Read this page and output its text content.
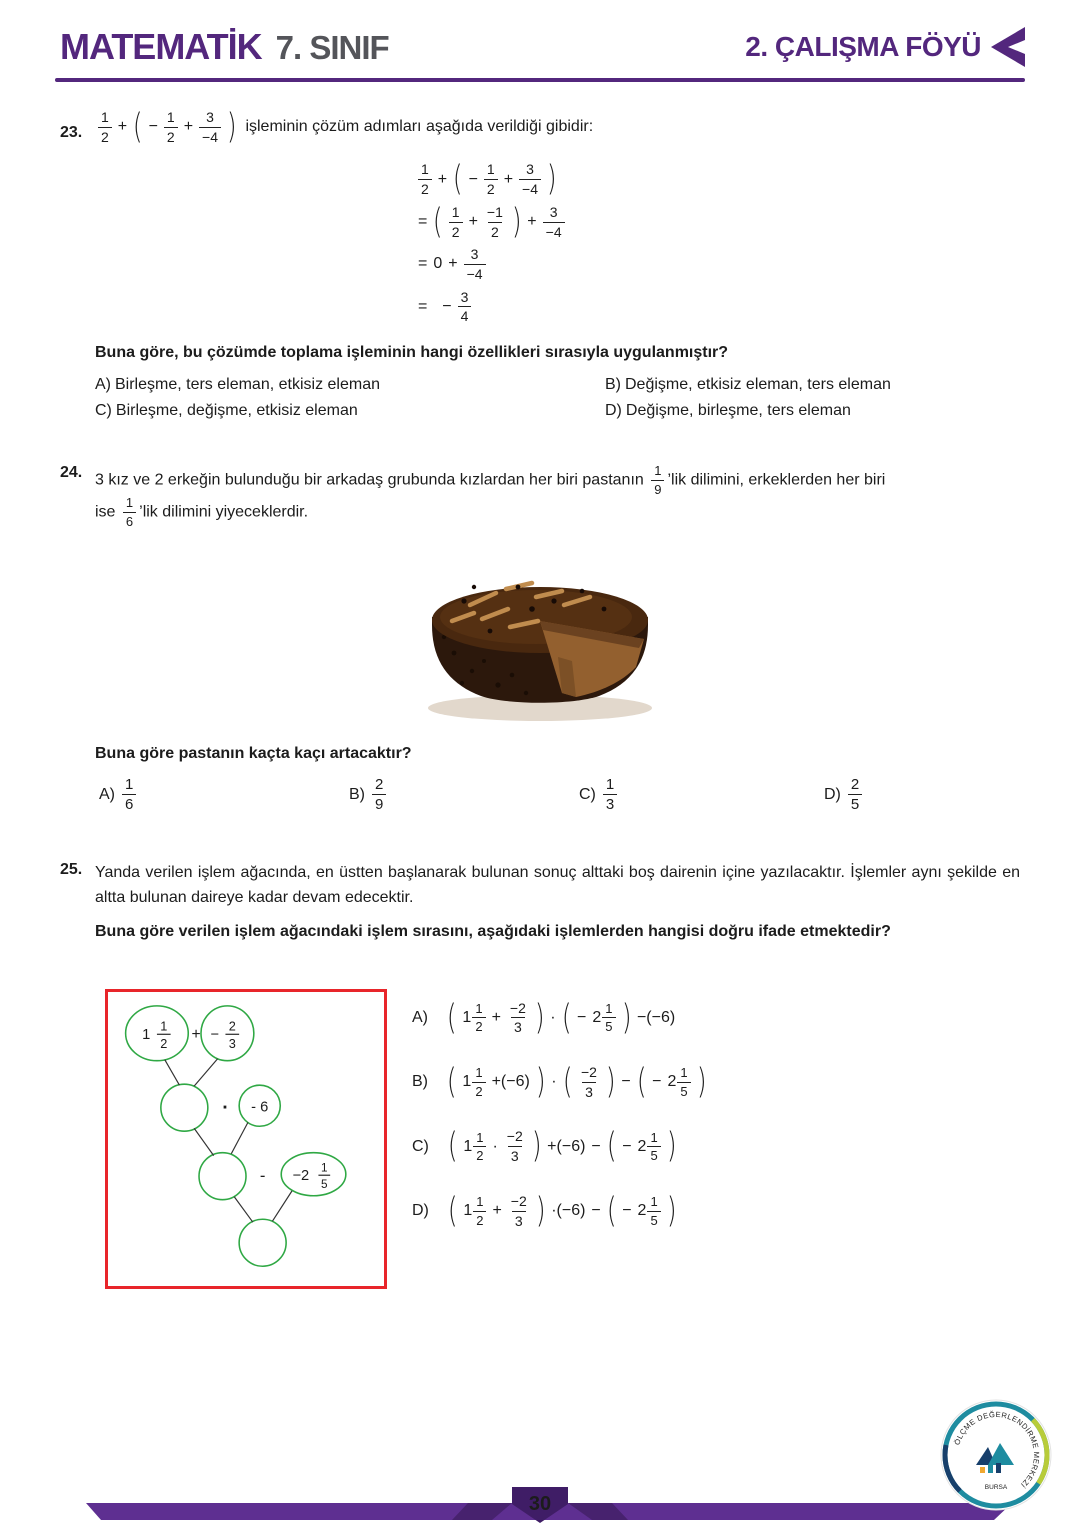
MATEMATİK 7. SINIF	2. ÇALIŞMA FÖYÜ
23.	$\frac{1}{2}$ + ( − $\frac{1}{2} + \frac{3}{-4}$ ) işleminin çözüm adımları aşağıda verildiği gibidir:
$\frac{1}{2}$ + ( − $\frac{1}{2} + \frac{3}{-4}$ )
= ( $\frac{1}{2} + \frac{-1}{2}$ ) + $\frac{3}{-4}$
= $0 + \frac{3}{-4}$
= − $\frac{3}{4}$

Buna göre, bu çözümde toplama işleminin hangi özellikleri sırasıyla uygulanmıştır?

A) Birleşme, ters eleman, etkisiz eleman	B) Değişme, etkisiz eleman, ters eleman
C) Birleşme, değişme, etkisiz eleman	D) Değişme, birleşme, ters eleman
24. 3 kız ve 2 erkeğin bulunduğu bir arkadaş grubunda kızlardan her biri pastanın $\frac{1}{9}$ ’lik dilimini, erkeklerden her biri
ise $\frac{1}{6}$ ’lik dilimini yiyeceklerdir.

Buna göre pastanın kaçta kaçı artacaktır?

$A) \frac{1}{6}$	$B) \frac{2}{9}$	$C) \frac{1}{3}$	$D) \frac{2}{5}$
25. Yanda verilen işlem ağacında, en üstten başlanarak bulunan sonuç alttaki boş dairenin içine yazılacaktır. İşlemler aynı şekilde en altta bulunan daireye kadar devam edecektir.

Buna göre verilen işlem ağacındaki işlem sırasını, aşağıdaki işlemlerden hangisi doğru ifade etmektedir?

1
1
2
+ −
2
3
· - 6
- −2
1
5
A) ( $1 \frac{1}{2} + \frac{-2}{3}$ ) · ( − $2 \frac{1}{5}$ ) −(−6)
B) ( $1 \frac{1}{2} +(-6)$ ) · ( $\frac{-2}{3}$ ) − ( − $2 \frac{1}{5}$ )
C) ( $1 \frac{1}{2} \cdot \frac{-2}{3}$ ) +(−6) − ( − $2 \frac{1}{5}$ )
D) ( $1 \frac{1}{2} + \frac{-2}{3}$ ) ·(−6) − ( − $2 \frac{1}{5}$ )
30
ÖLÇME DEĞERLENDİRME MERKEZİ
BURSA
